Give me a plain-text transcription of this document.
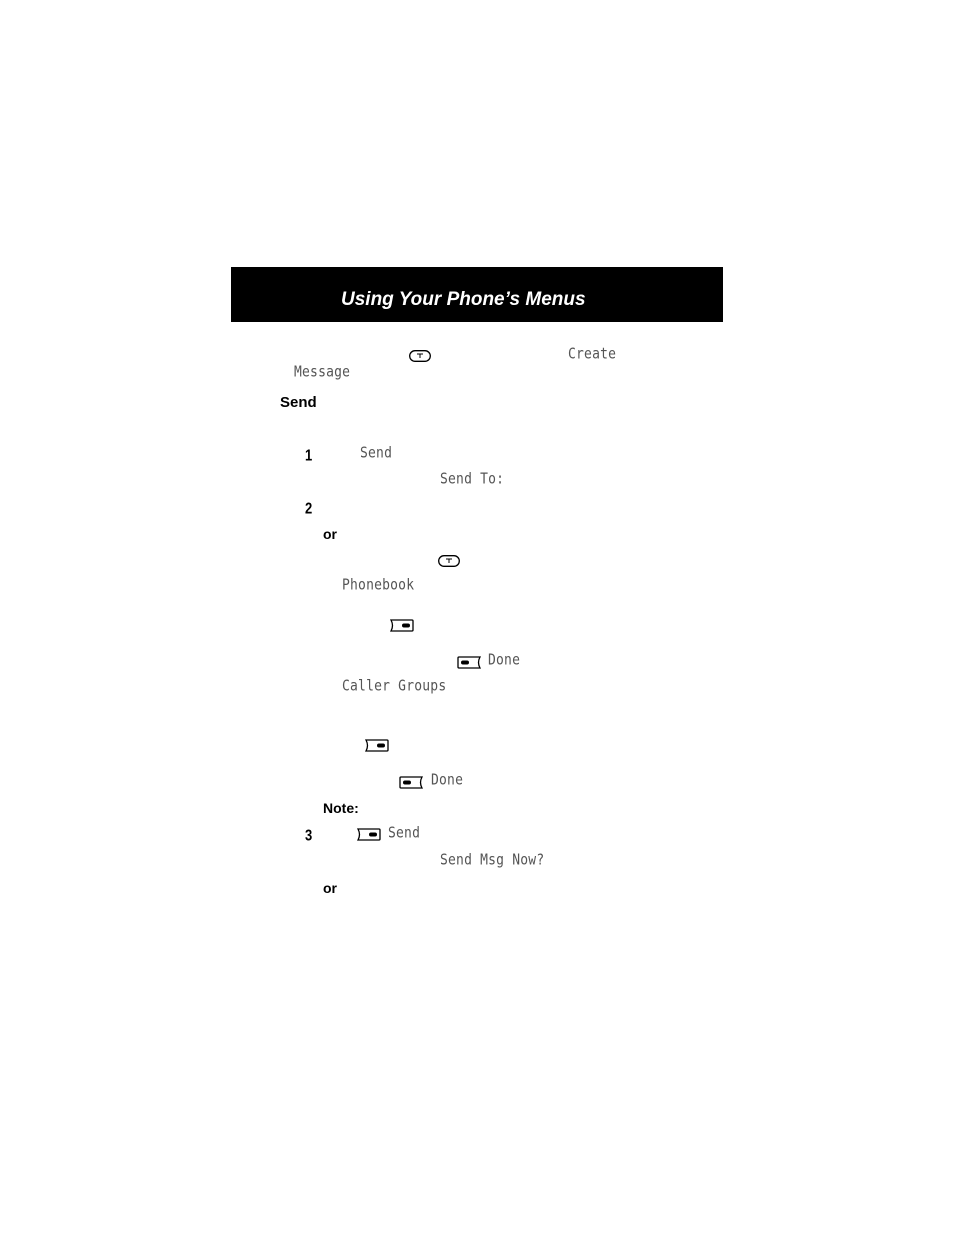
Using Your Phone’s Menus
Create
Message
Send
1	Send
Send To:
2
or
Phonebook
Done
Caller Groups
Done
Note:
3	Send
Send Msg Now?
or
